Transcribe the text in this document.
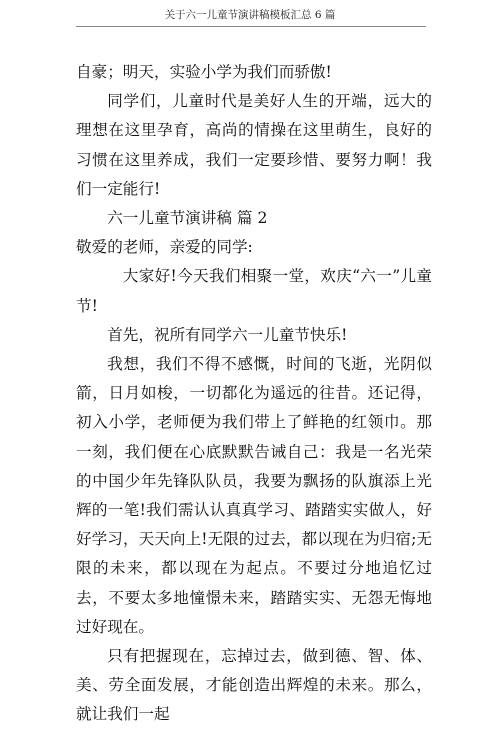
关于六一儿童节演讲稿模板汇总 6 篇

自豪；明天，实验小学为我们而骄傲!

同学们，儿童时代是美好人生的开端，远大的理想在这里孕育，高尚的情操在这里萌生，良好的习惯在这里养成，我们一定要珍惜、要努力啊！我们一定能行!

六一儿童节演讲稿 篇 2

敬爱的老师，亲爱的同学:

大家好!今天我们相聚一堂，欢庆“六一”儿童节!

首先，祝所有同学六一儿童节快乐!

我想，我们不得不感慨，时间的飞逝，光阴似箭，日月如梭，一切都化为遥远的往昔。还记得，初入小学，老师便为我们带上了鲜艳的红领巾。那一刻，我们便在心底默默告诫自己：我是一名光荣的中国少年先锋队队员，我要为飘扬的队旗添上光辉的一笔!我们需认认真真学习、踏踏实实做人，好好学习，天天向上!无限的过去，都以现在为归宿;无限的未来，都以现在为起点。不要过分地追忆过去，不要太多地憧憬未来，踏踏实实、无怨无悔地过好现在。

只有把握现在，忘掉过去，做到德、智、体、美、劳全面发展，才能创造出辉煌的未来。那么，就让我们一起
